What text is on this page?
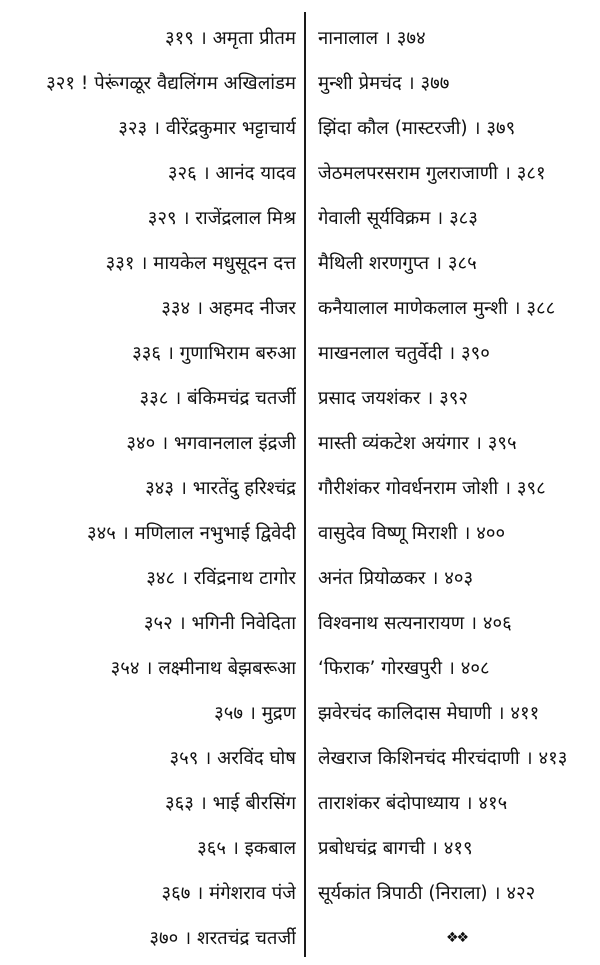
३१९ । अमृता प्रीतम
३२१ ! पेरूंगळूर वैद्यलिंगम अखिलांडम
३२३ । वीरेंद्रकुमार भट्टाचार्य
३२६ । आनंद यादव
३२९ । राजेंद्रलाल मिश्र
३३१ । मायकेल मधुसूदन दत्त
३३४ । अहमद नीजर
३३६ । गुणाभिराम बरुआ
३३८ । बंकिमचंद्र चतर्जी
३४० । भगवानलाल इंद्रजी
३४३ । भारतेंदु हरिश्चंद्र
३४५ । मणिलाल नभुभाई द्विवेदी
३४८ । रविंद्रनाथ टागोर
३५२ । भगिनी निवेदिता
३५४ । लक्ष्मीनाथ बेझबरूआ
३५७ । मुद्रण
३५९ । अरविंद घोष
३६३ । भाई बीरसिंग
३६५ । इकबाल
३६७ । मंगेशराव पंजे
३७० । शरतचंद्र चतर्जी
नानालाल । ३७४
मुन्शी प्रेमचंद । ३७७
झिंदा कौल (मास्टरजी) । ३७९
जेठमलपरसराम गुलराजाणी । ३८१
गेवाली सूर्यविक्रम । ३८३
मैथिली शरणगुप्त । ३८५
कनैयालाल माणेकलाल मुन्शी । ३८८
माखनलाल चतुर्वेदी । ३९०
प्रसाद जयशंकर । ३९२
मास्ती व्यंकटेश अयंगार । ३९५
गौरीशंकर गोवर्धनराम जोशी । ३९८
वासुदेव विष्णू मिराशी । ४००
अनंत प्रियोळकर । ४०३
विश्वनाथ सत्यनारायण । ४०६
‘फिराक’ गोरखपुरी । ४०८
झवेरचंद कालिदास मेघाणी । ४११
लेखराज किशिनचंद मीरचंदाणी । ४१३
ताराशंकर बंदोपाध्याय । ४१५
प्रबोधचंद्र बागची । ४१९
सूर्यकांत त्रिपाठी (निराला) । ४२२
❖❖
